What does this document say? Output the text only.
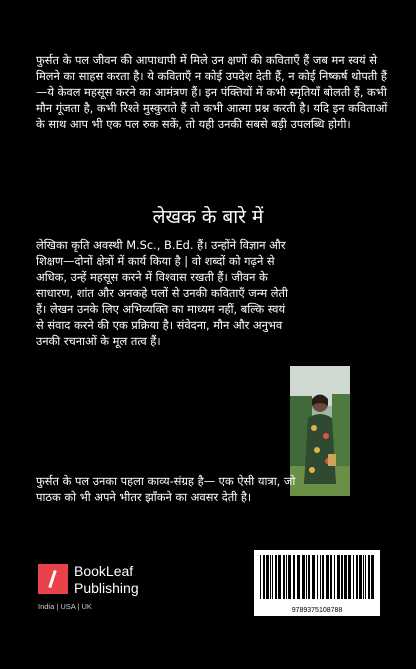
फुर्सत के पल जीवन की आपाधापी में मिले उन क्षणों की कविताएँ हैं जब मन स्वयं से मिलने का साहस करता है। ये कविताएँ न कोई उपदेश देती हैं, न कोई निष्कर्ष थोपती हैं—ये केवल महसूस करने का आमंत्रण हैं। इन पंक्तियों में कभी स्मृतियाँ बोलती हैं, कभी मौन गूंजता है, कभी रिश्ते मुस्कुराते हैं तो कभी आत्मा प्रश्न करती है। यदि इन कविताओं के साथ आप भी एक पल रुक सकें, तो यही उनकी सबसे बड़ी उपलब्धि होगी।

लेखक के बारे में

लेखिका कृति अवस्थी M.Sc., B.Ed. हैं। उन्होंने विज्ञान और शिक्षण—दोनों क्षेत्रों में कार्य किया है | वो शब्दों को गढ़ने से अधिक, उन्हें महसूस करने में विश्वास रखती हैं। जीवन के साधारण, शांत और अनकहे पलों से उनकी कविताएँ जन्म लेती हैं। लेखन उनके लिए अभिव्यक्ति का माध्यम नहीं, बल्कि स्वयं से संवाद करने की एक प्रक्रिया है। संवेदना, मौन और अनुभव उनकी रचनाओं के मूल तत्व हैं।

फुर्सत के पल उनका पहला काव्य-संग्रह है— एक ऐसी यात्रा, जो पाठक को भी अपने भीतर झाँकने का अवसर देती है।

BookLeaf
Publishing
India | USA | UK	9789375108788
